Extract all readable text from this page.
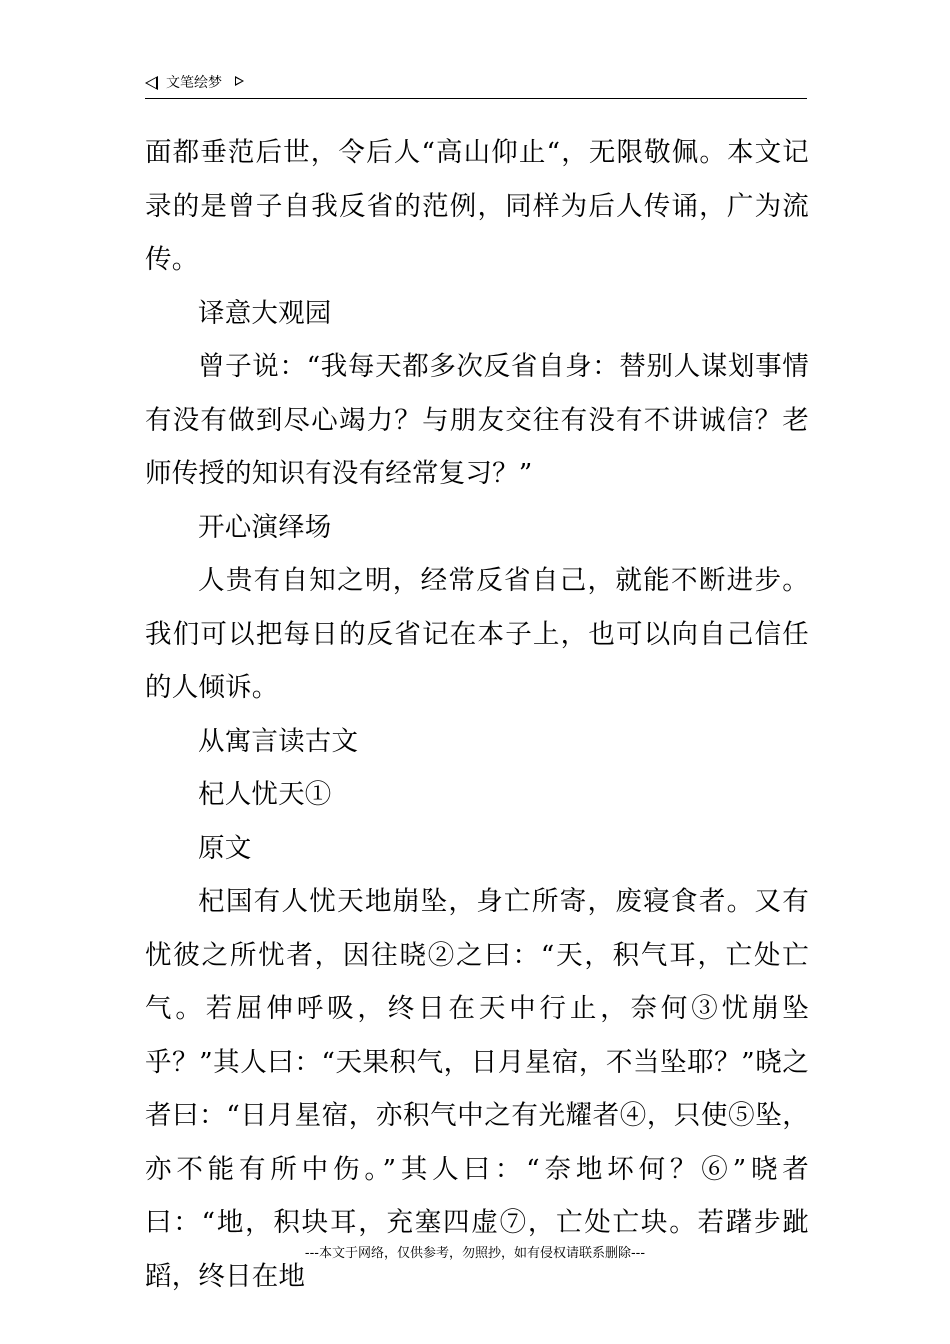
文笔绘梦

面都垂范后世，令后人“高山仰止“，无限敬佩。本文记录的是曾子自我反省的范例，同样为后人传诵，广为流传。

译意大观园

曾子说：“我每天都多次反省自身：替别人谋划事情有没有做到尽心竭力？与朋友交往有没有不讲诚信？老师传授的知识有没有经常复习？”

开心演绎场

人贵有自知之明，经常反省自己，就能不断进步。我们可以把每日的反省记在本子上，也可以向自己信任的人倾诉。

从寓言读古文

杞人忧天①

原文

杞国有人忧天地崩坠，身亡所寄，废寝食者。又有忧彼之所忧者，因往晓②之曰：“天，积气耳，亡处亡气。若屈伸呼吸，终日在天中行止，奈何③忧崩坠乎？”其人曰：“天果积气，日月星宿，不当坠耶？”晓之者曰：“日月星宿，亦积气中之有光耀者④，只使⑤坠，亦不能有所中伤。”其人曰：“奈地坏何？⑥”晓者曰：“地，积块耳，充塞四虚⑦，亡处亡块。若躇步跐蹈，终日在地

---本文于网络，仅供参考，勿照抄，如有侵权请联系删除---
